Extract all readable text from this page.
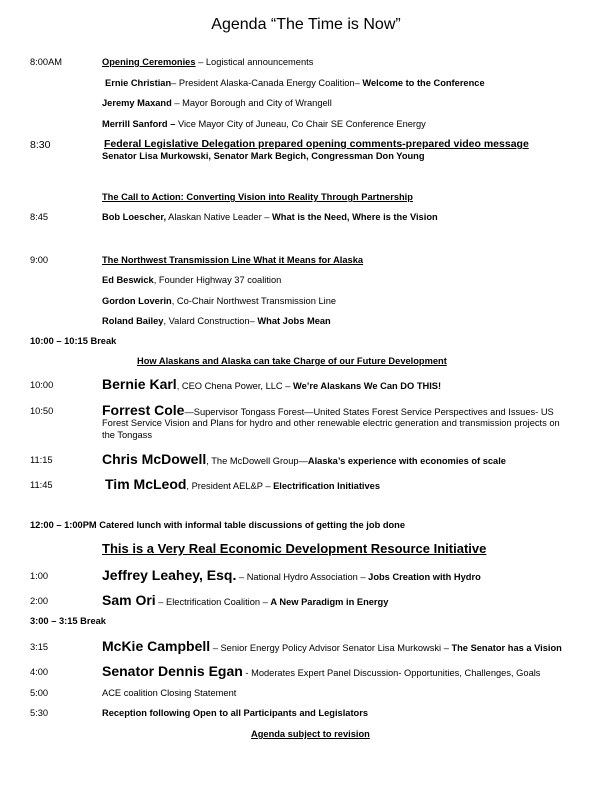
Agenda “The Time is Now”
8:00AM	Opening Ceremonies – Logistical announcements
Ernie Christian– President Alaska-Canada Energy Coalition– Welcome to the Conference
Jeremy Maxand – Mayor Borough and City of Wrangell
Merrill Sanford – Vice Mayor City of Juneau, Co Chair SE Conference Energy
8:30	Federal Legislative Delegation prepared opening comments-prepared video message
Senator Lisa Murkowski, Senator Mark Begich, Congressman Don Young
The Call to Action: Converting Vision into Reality Through Partnership
8:45	Bob Loescher, Alaskan Native Leader – What is the Need, Where is the Vision
9:00	The Northwest Transmission Line What it Means for Alaska
Ed Beswick, Founder Highway 37 coalition
Gordon Loverin, Co-Chair Northwest Transmission Line
Roland Bailey, Valard Construction– What Jobs Mean
10:00 – 10:15 Break
How Alaskans and Alaska can take Charge of our Future Development
10:00	Bernie Karl, CEO Chena Power, LLC – We’re Alaskans We Can DO THIS!
10:50	Forrest Cole—Supervisor Tongass Forest—United States Forest Service Perspectives and Issues- US
Forest Service Vision and Plans for hydro and other renewable electric generation and transmission projects on
the Tongass
11:15	Chris McDowell, The McDowell Group—Alaska’s experience with economies of scale
11:45	Tim McLeod, President AEL&P – Electrification Initiatives
12:00 – 1:00PM Catered lunch with informal table discussions of getting the job done
This is a Very Real Economic Development Resource Initiative
1:00	Jeffrey Leahey, Esq. – National Hydro Association – Jobs Creation with Hydro
2:00	Sam Ori – Electrification Coalition – A New Paradigm in Energy
3:00 – 3:15 Break
3:15	McKie Campbell – Senior Energy Policy Advisor Senator Lisa Murkowski – The Senator has a Vision
4:00	Senator Dennis Egan - Moderates Expert Panel Discussion- Opportunities, Challenges, Goals
5:00	ACE coalition Closing Statement
5:30	Reception following Open to all Participants and Legislators
Agenda subject to revision
